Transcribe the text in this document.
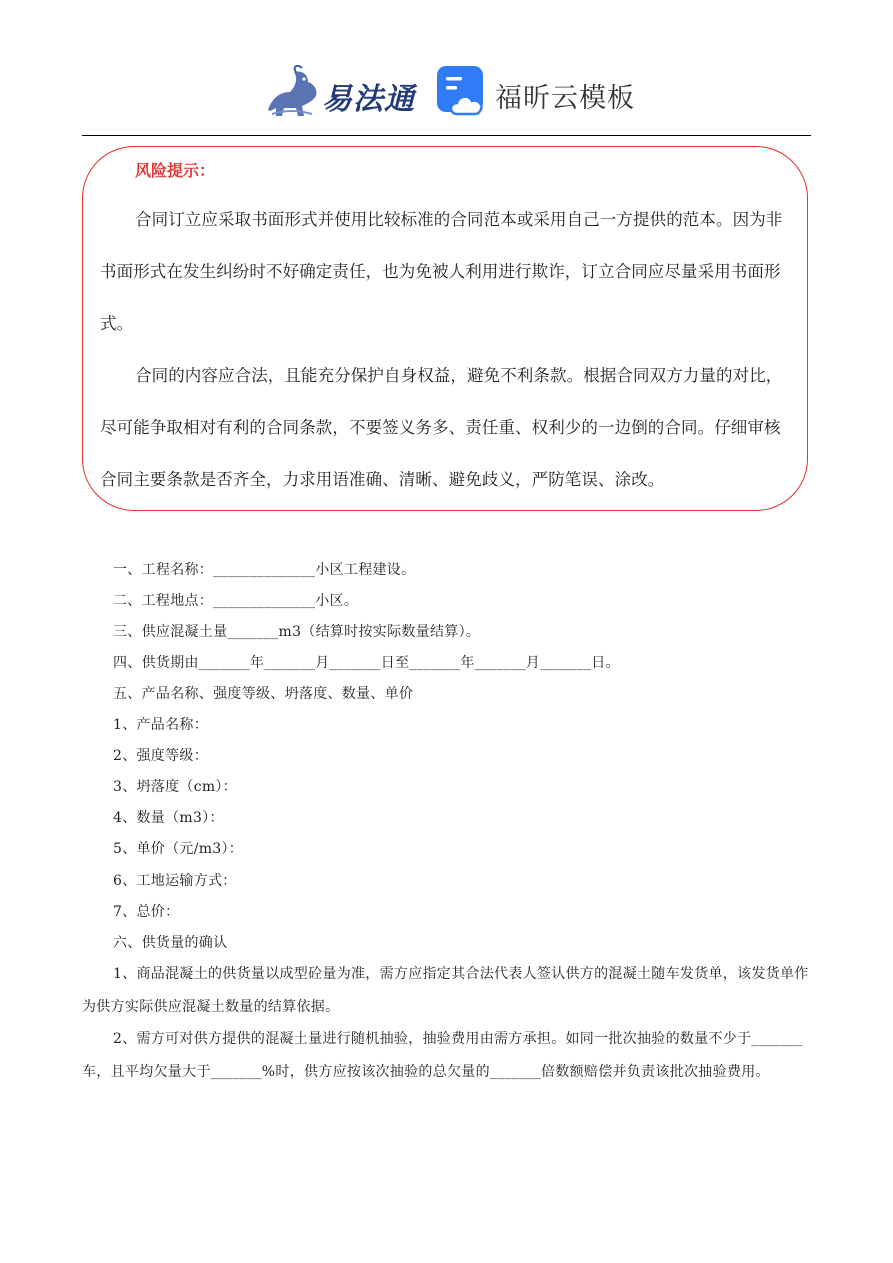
易法通	福昕云模板
风险提示：

合同订立应采取书面形式并使用比较标准的合同范本或采用自己一方提供的范本。因为非书面形式在发生纠纷时不好确定责任，也为免被人利用进行欺诈，订立合同应尽量采用书面形式。

合同的内容应合法，且能充分保护自身权益，避免不利条款。根据合同双方力量的对比，尽可能争取相对有利的合同条款，不要签义务多、责任重、权利少的一边倒的合同。仔细审核合同主要条款是否齐全，力求用语准确、清晰、避免歧义，严防笔误、涂改。

一、工程名称：______________小区工程建设。
二、工程地点：______________小区。
三、供应混凝土量_______m3（结算时按实际数量结算）。
四、供货期由_______年_______月_______日至_______年_______月_______日。
五、产品名称、强度等级、坍落度、数量、单价
1、产品名称：
2、强度等级：
3、坍落度（cm）：
4、数量（m3）：
5、单价（元/m3）：
6、工地运输方式：
7、总价：
六、供货量的确认

1、商品混凝土的供货量以成型砼量为准，需方应指定其合法代表人签认供方的混凝土随车发货单，该发货单作为供方实际供应混凝土数量的结算依据。

2、需方可对供方提供的混凝土量进行随机抽验，抽验费用由需方承担。如同一批次抽验的数量不少于_______车，且平均欠量大于_______%时，供方应按该次抽验的总欠量的_______倍数额赔偿并负责该批次抽验费用。
